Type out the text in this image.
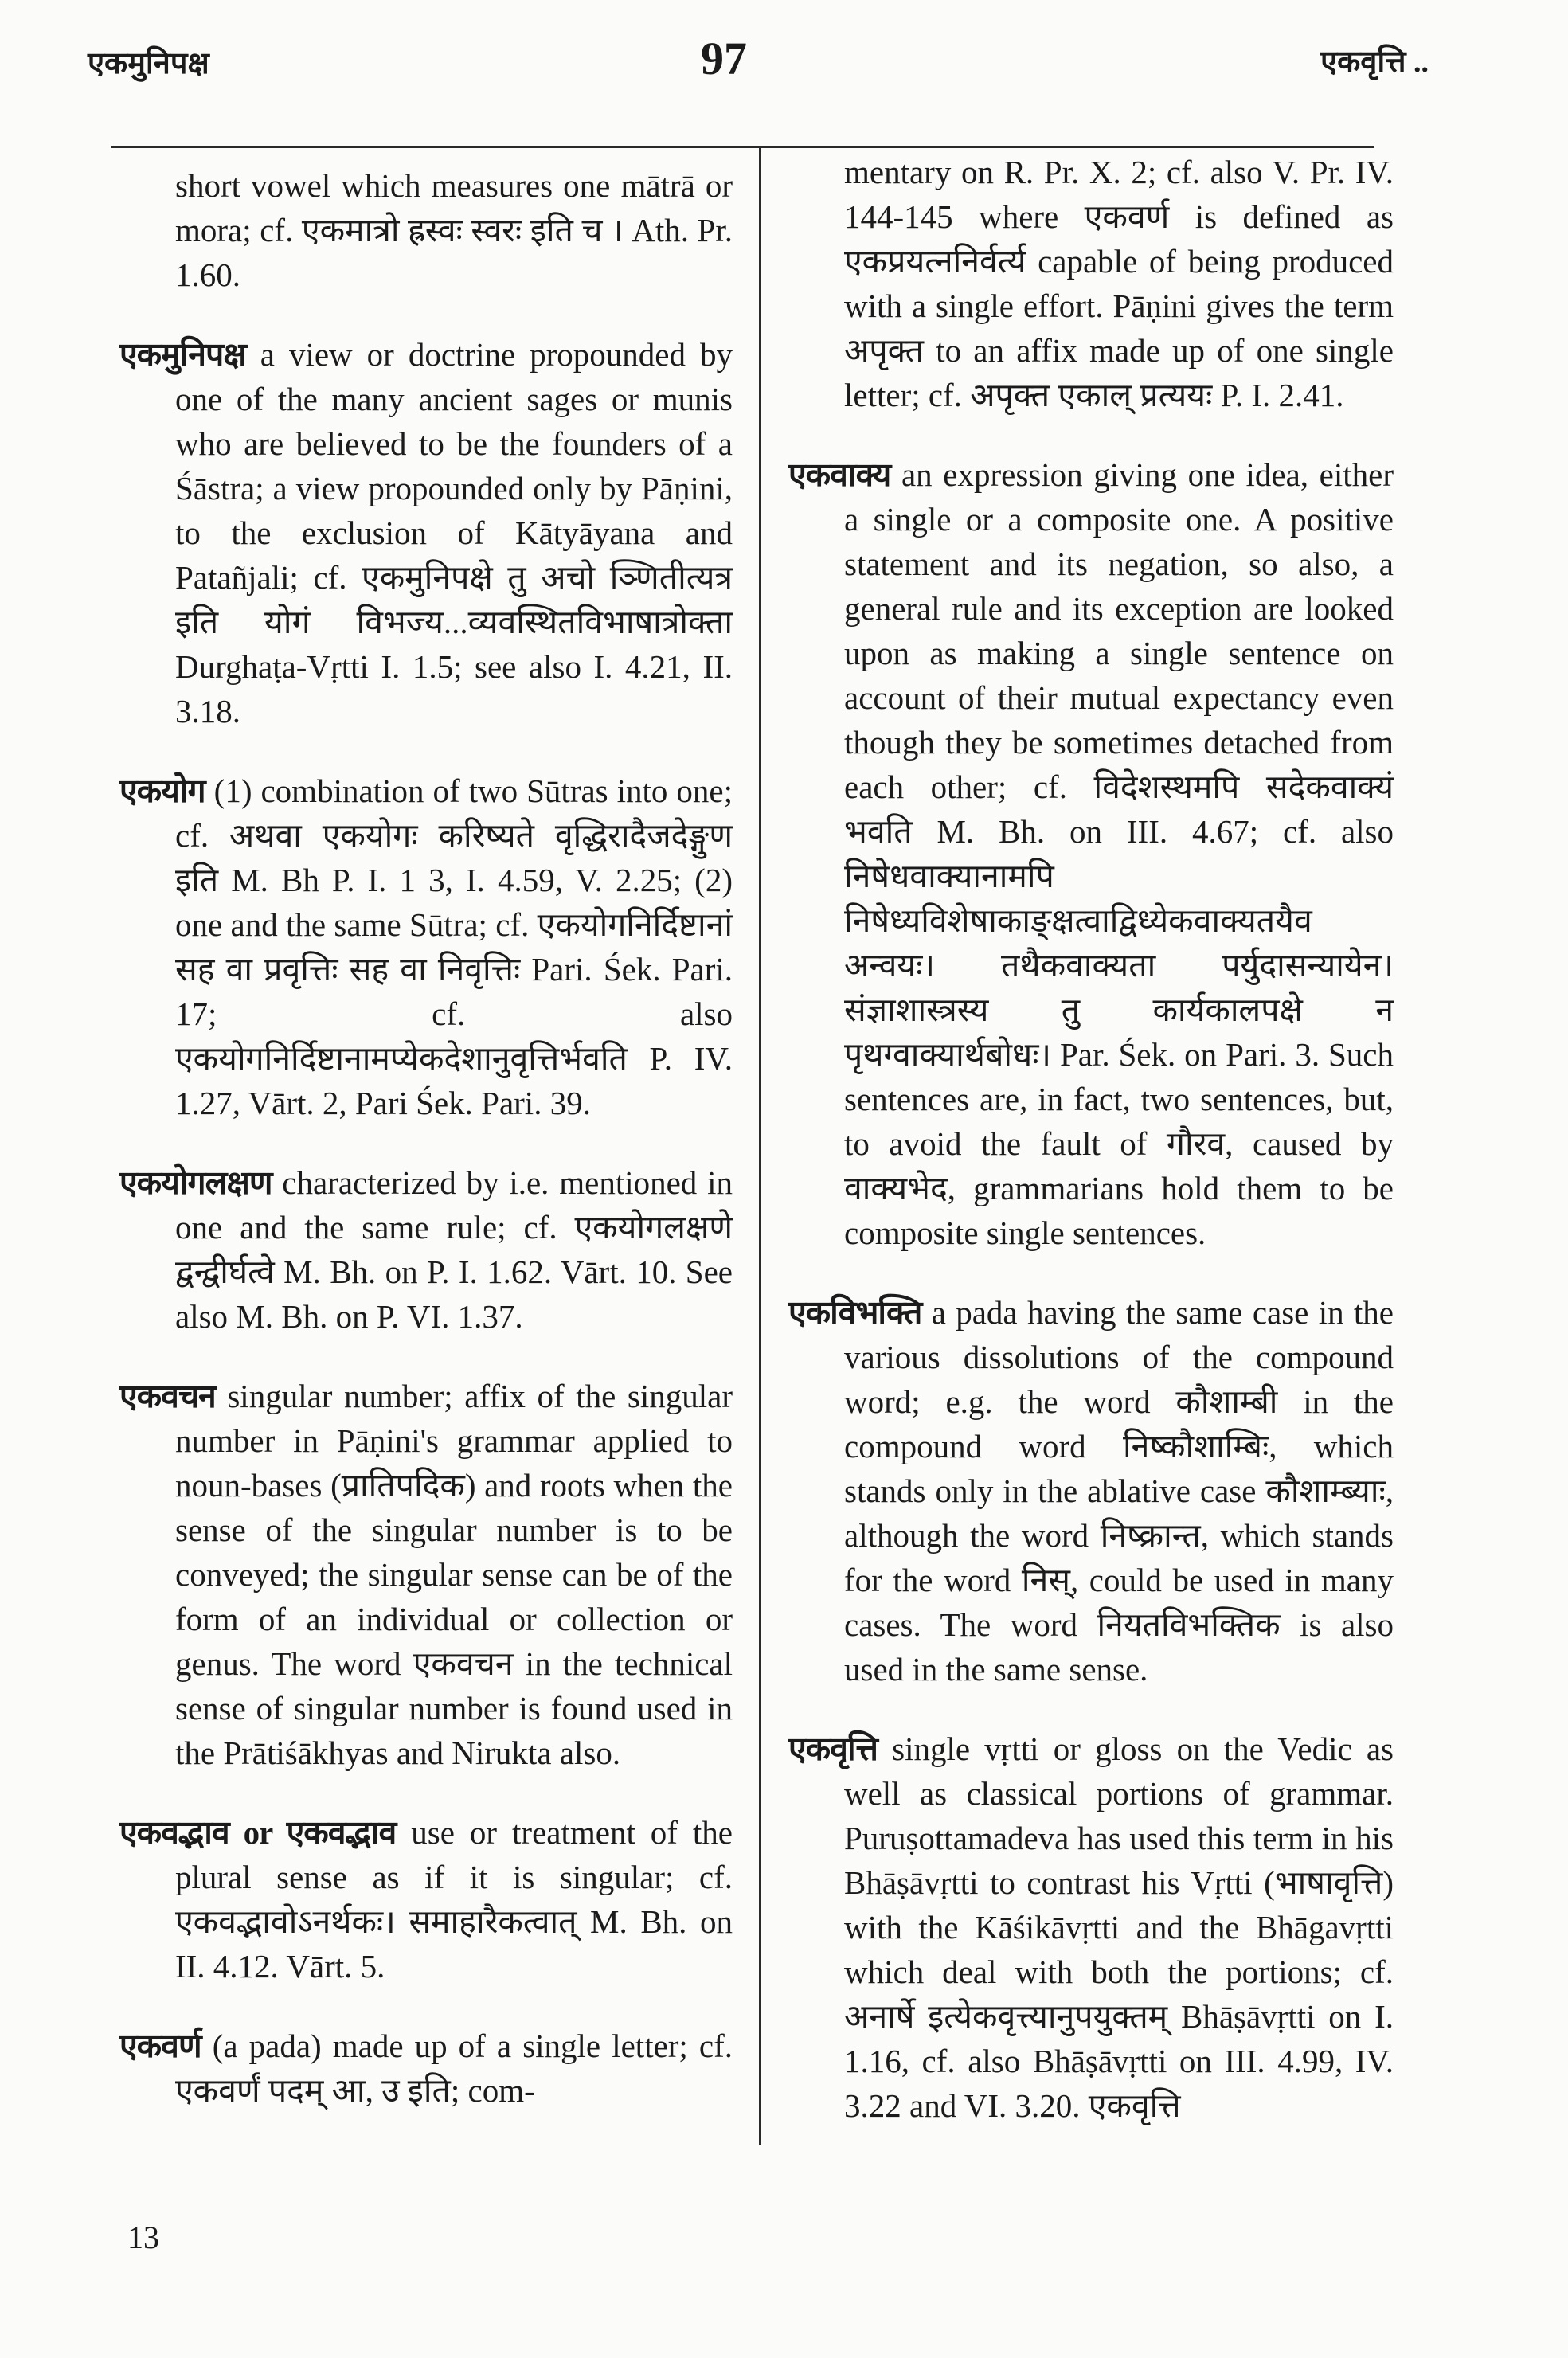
एकमुनिपक्ष	97	एकवृत्ति ..

short vowel which measures one mātrā or mora; cf. एकमात्रो ह्रस्वः स्वरः इति च । Ath. Pr. 1.60.

एकमुनिपक्ष a view or doctrine propounded by one of the many ancient sages or munis who are believed to be the founders of a Śāstra; a view propounded only by Pāṇini, to the exclusion of Kātyāyana and Patañjali; cf. एकमुनिपक्षे तु अचो ञ्णितीत्यत्र इति योगं विभज्य...व्यवस्थितविभाषात्रोक्ता Durghaṭa-Vṛtti I. 1.5; see also I. 4.21, II. 3.18.

एकयोग (1) combination of two Sūtras into one; cf. अथवा एकयोगः करिष्यते वृद्धिरादैजदेङ्गुण इति M. Bh P. I. 1 3, I. 4.59, V. 2.25; (2) one and the same Sūtra; cf. एकयोगनिर्दिष्टानां सह वा प्रवृत्तिः सह वा निवृत्तिः Pari. Śek. Pari. 17; cf. also एकयोगनिर्दिष्टानामप्येकदेशानुवृत्तिर्भवति P. IV. 1.27, Vārt. 2, Pari Śek. Pari. 39.

एकयोगलक्षण characterized by i.e. mentioned in one and the same rule; cf. एकयोगलक्षणे द्वन्द्वीर्घत्वे M. Bh. on P. I. 1.62. Vārt. 10. See also M. Bh. on P. VI. 1.37.

एकवचन singular number; affix of the singular number in Pāṇini's grammar applied to noun-bases (प्रातिपदिक) and roots when the sense of the singular number is to be conveyed; the singular sense can be of the form of an individual or collection or genus. The word एकवचन in the technical sense of singular number is found used in the Prātiśākhyas and Nirukta also.

एकवद्भाव or एकवद्भाव use or treatment of the plural sense as if it is singular; cf. एकवद्भावोऽनर्थकः। समाहारैकत्वात् M. Bh. on II. 4.12. Vārt. 5.

एकवर्ण (a pada) made up of a single letter; cf. एकवर्णं पदम् आ, उ इति; com-

mentary on R. Pr. X. 2; cf. also V. Pr. IV. 144-145 where एकवर्ण is defined as एकप्रयत्ननिर्वर्त्य capable of being produced with a single effort. Pāṇini gives the term अपृक्त to an affix made up of one single letter; cf. अपृक्त एकाल् प्रत्ययः P. I. 2.41.

एकवाक्य an expression giving one idea, either a single or a composite one. A positive statement and its negation, so also, a general rule and its exception are looked upon as making a single sentence on account of their mutual expectancy even though they be sometimes detached from each other; cf. विदेशस्थमपि सदेकवाक्यं भवति M. Bh. on III. 4.67; cf. also निषेधवाक्यानामपि निषेध्यविशेषाकाङ्क्षत्वाद्विध्येकवाक्यतयैव अन्वयः। तथैकवाक्यता पर्युदासन्यायेन। संज्ञाशास्त्रस्य तु कार्यकालपक्षे न पृथग्वाक्यार्थबोधः। Par. Śek. on Pari. 3. Such sentences are, in fact, two sentences, but, to avoid the fault of गौरव, caused by वाक्यभेद, grammarians hold them to be composite single sentences.

एकविभक्ति a pada having the same case in the various dissolutions of the compound word; e.g. the word कौशाम्बी in the compound word निष्कौशाम्बिः, which stands only in the ablative case कौशाम्ब्याः, although the word निष्क्रान्त, which stands for the word निस्, could be used in many cases. The word नियतविभक्तिक is also used in the same sense.

एकवृत्ति single vṛtti or gloss on the Vedic as well as classical portions of grammar. Puruṣottamadeva has used this term in his Bhāṣāvṛtti to contrast his Vṛtti (भाषावृत्ति) with the Kāśikāvṛtti and the Bhāgavṛtti which deal with both the portions; cf. अनार्षे इत्येकवृत्त्यानुपयुक्तम् Bhāṣāvṛtti on I. 1.16, cf. also Bhāṣāvṛtti on III. 4.99, IV. 3.22 and VI. 3.20. एकवृत्ति

13
